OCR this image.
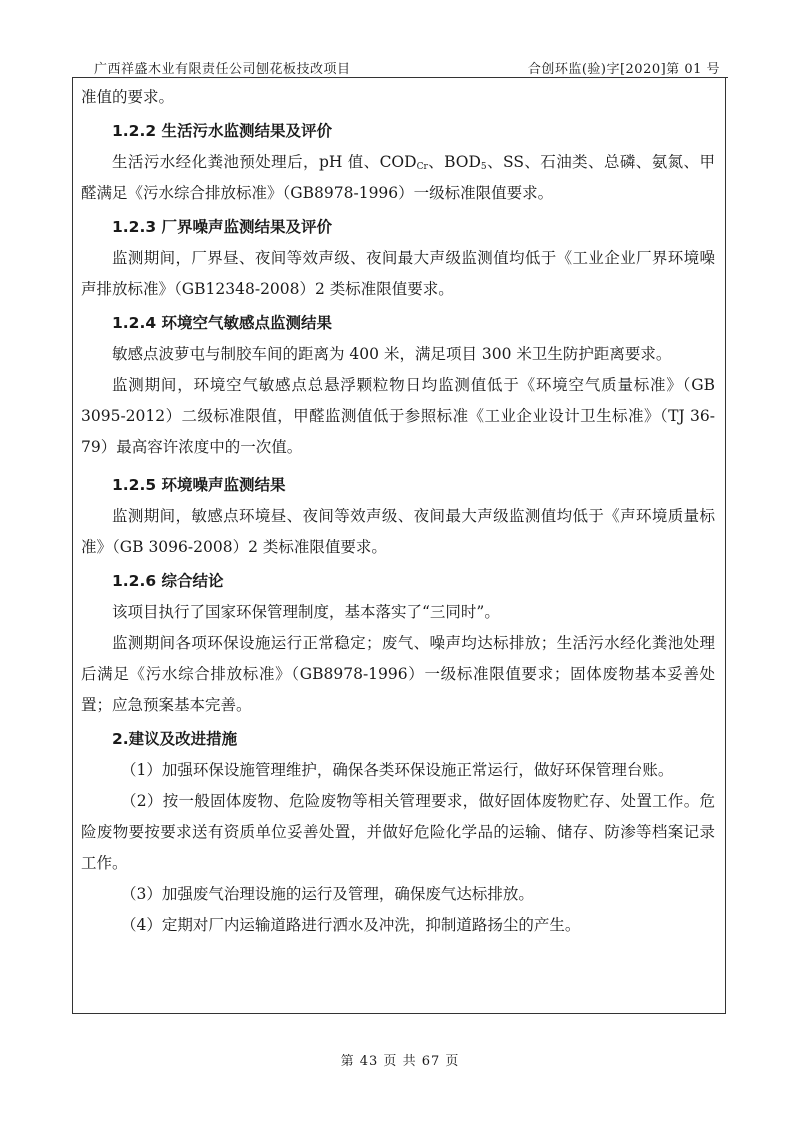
广西祥盛木业有限责任公司刨花板技改项目	合创环监(验)字[2020]第 01 号

准值的要求。

1.2.2 生活污水监测结果及评价

生活污水经化粪池预处理后，pH 值、$COD_{Cr}$、$BOD_5$、SS、石油类、总磷、氨氮、甲醛满足《污水综合排放标准》（GB8978-1996）一级标准限值要求。

1.2.3 厂界噪声监测结果及评价

监测期间，厂界昼、夜间等效声级、夜间最大声级监测值均低于《工业企业厂界环境噪声排放标准》（GB12348-2008）2 类标准限值要求。

1.2.4 环境空气敏感点监测结果

敏感点波萝屯与制胶车间的距离为 400 米，满足项目 300 米卫生防护距离要求。

监测期间，环境空气敏感点总悬浮颗粒物日均监测值低于《环境空气质量标准》（GB 3095-2012）二级标准限值，甲醛监测值低于参照标准《工业企业设计卫生标准》（TJ 36-79）最高容许浓度中的一次值。

1.2.5 环境噪声监测结果

监测期间，敏感点环境昼、夜间等效声级、夜间最大声级监测值均低于《声环境质量标准》（GB 3096-2008）2 类标准限值要求。

1.2.6 综合结论

该项目执行了国家环保管理制度，基本落实了“三同时”。

监测期间各项环保设施运行正常稳定；废气、噪声均达标排放；生活污水经化粪池处理后满足《污水综合排放标准》（GB8978-1996）一级标准限值要求；固体废物基本妥善处置；应急预案基本完善。

2.建议及改进措施

（1）加强环保设施管理维护，确保各类环保设施正常运行，做好环保管理台账。

（2）按一般固体废物、危险废物等相关管理要求，做好固体废物贮存、处置工作。危险废物要按要求送有资质单位妥善处置，并做好危险化学品的运输、储存、防渗等档案记录工作。

（3）加强废气治理设施的运行及管理，确保废气达标排放。

（4）定期对厂内运输道路进行洒水及冲洗，抑制道路扬尘的产生。

第 43 页 共 67 页
